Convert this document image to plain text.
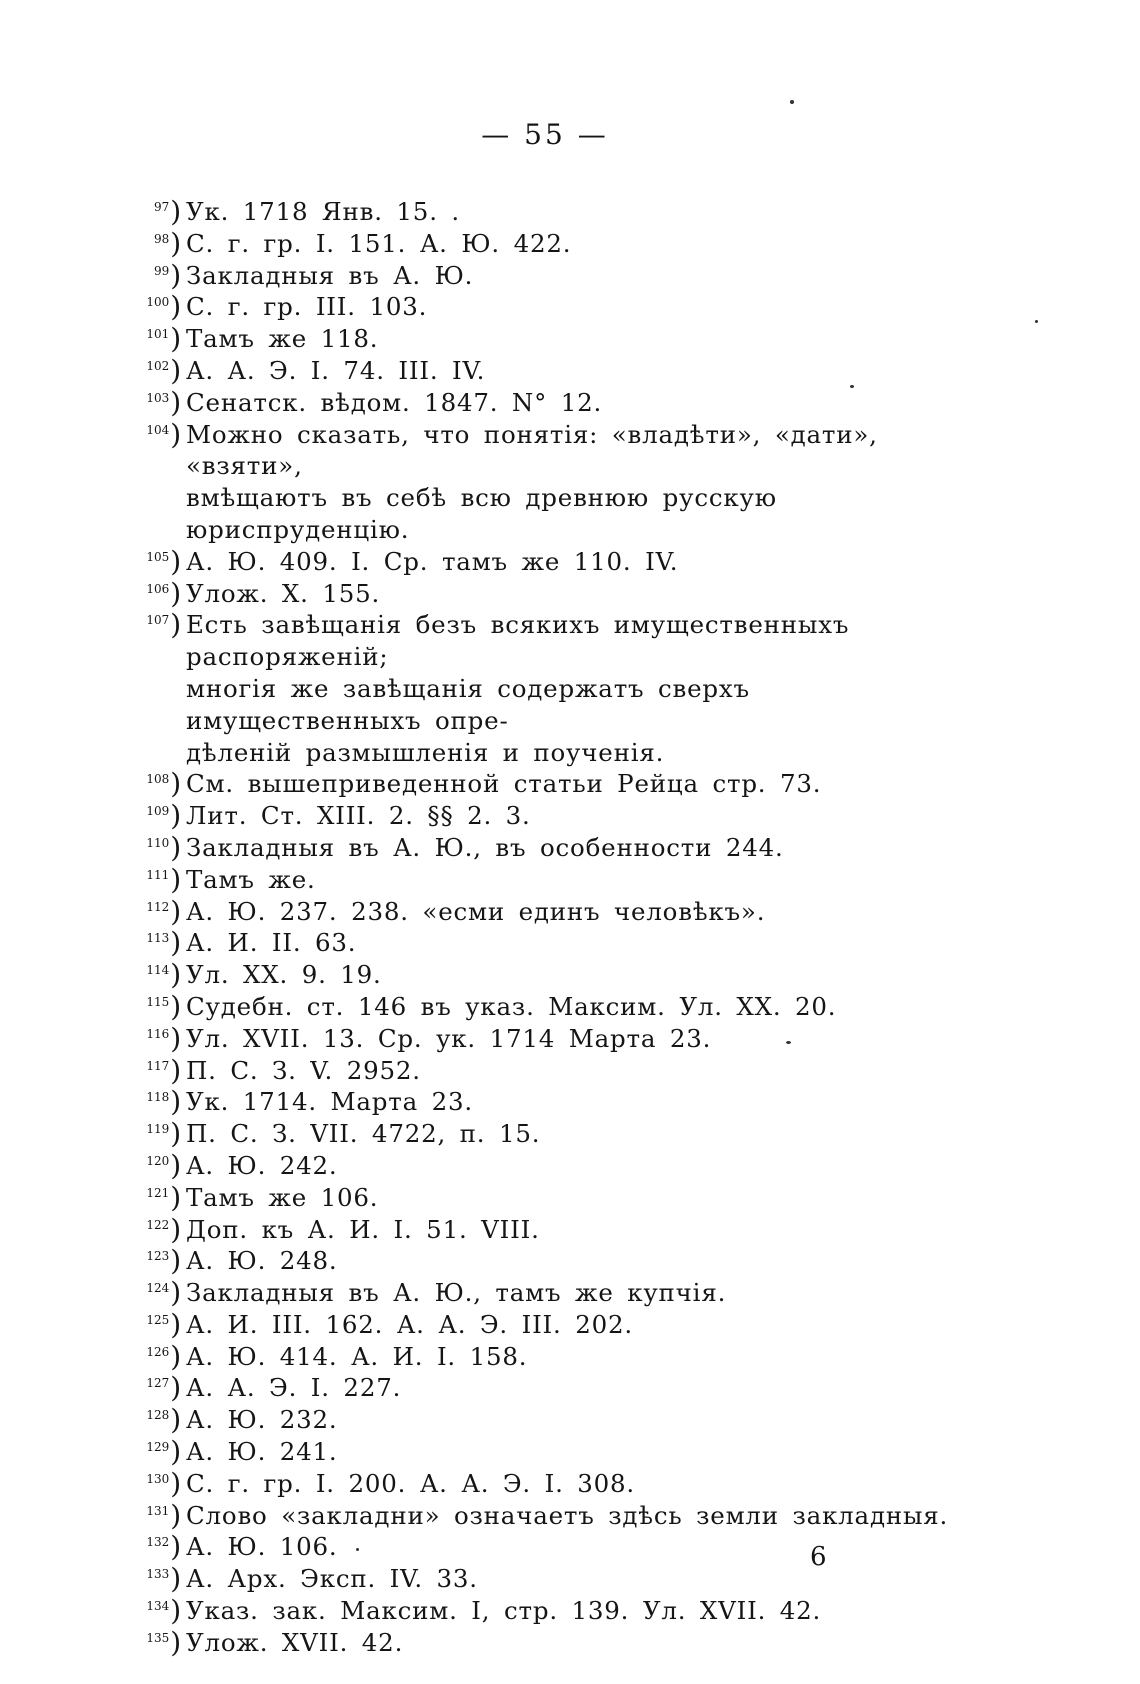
— 55 —
$^{97}$) Ук. 1718 Янв. 15. .
$^{98}$) С. г. гр. I. 151. А. Ю. 422.
$^{99}$) Закладныя въ А. Ю.
$^{100}$) С. г. гр. III. 103.
$^{101}$) Тамъ же 118.
$^{102}$) А. А. Э. I. 74. III. IV.
$^{103}$) Сенатск. вѣдом. 1847. N° 12.
$^{104}$) Можно сказать, что понятія: «владѣти», «дати», «взяти»,
вмѣщаютъ въ себѣ всю древнюю русскую юриспруденцію.
$^{105}$) А. Ю. 409. I. Ср. тамъ же 110. IV.
$^{106}$) Улож. X. 155.
$^{107}$) Есть завѣщанія безъ всякихъ имущественныхъ распоряженій;
многія же завѣщанія содержатъ сверхъ имущественныхъ опре-
дѣленій размышленія и поученія.
$^{108}$) См. вышеприведенной статьи Рейца стр. 73.
$^{109}$) Лит. Ст. XIII. 2. §§ 2. 3.
$^{110}$) Закладныя въ А. Ю., въ особенности 244.
$^{111}$) Тамъ же.
$^{112}$) А. Ю. 237. 238. «есми единъ человѣкъ».
$^{113}$) А. И. II. 63.
$^{114}$) Ул. XX. 9. 19.
$^{115}$) Судебн. ст. 146 въ указ. Максим. Ул. XX. 20.
$^{116}$) Ул. XVII. 13. Ср. ук. 1714 Марта 23.
$^{117}$) П. С. З. V. 2952.
$^{118}$) Ук. 1714. Марта 23.
$^{119}$) П. С. З. VII. 4722, п. 15.
$^{120}$) А. Ю. 242.
$^{121}$) Тамъ же 106.
$^{122}$) Доп. къ А. И. I. 51. VIII.
$^{123}$) А. Ю. 248.
$^{124}$) Закладныя въ А. Ю., тамъ же купчія.
$^{125}$) А. И. III. 162. А. А. Э. III. 202.
$^{126}$) А. Ю. 414. А. И. I. 158.
$^{127}$) А. А. Э. I. 227.
$^{128}$) А. Ю. 232.
$^{129}$) А. Ю. 241.
$^{130}$) С. г. гр. I. 200. А. А. Э. I. 308.
$^{131}$) Слово «закладни» означаетъ здѣсь земли закладныя.
$^{132}$) А. Ю. 106.
$^{133}$) А. Арх. Эксп. IV. 33.
$^{134}$) Указ. зак. Максим. I, стр. 139. Ул. XVII. 42.
$^{135}$) Улож. XVII. 42.
6
